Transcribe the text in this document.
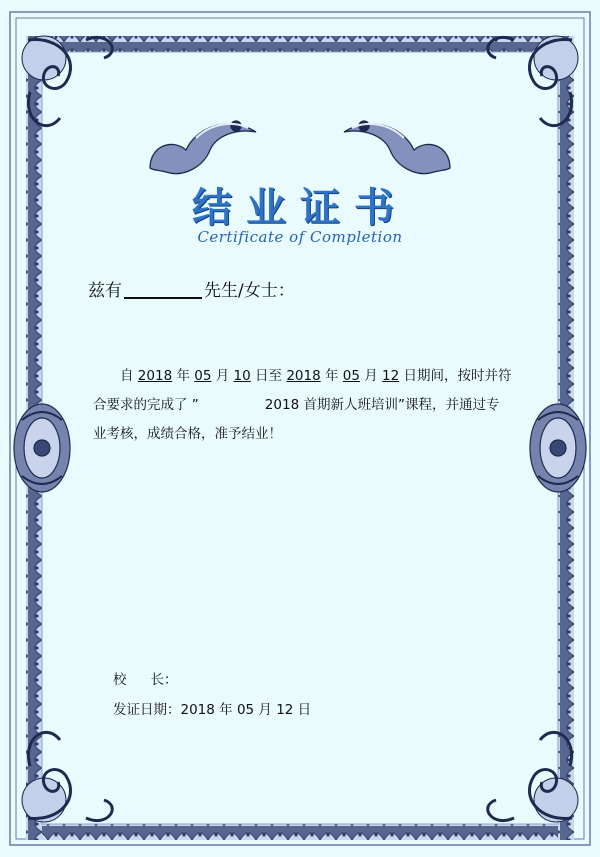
结业证书
Certificate of Completion
兹有	先生/女士：
自 2018 年 05 月 10 日至 2018 年 05 月 12 日期间，按时并符
合要求的完成了 ”	2018 首期新人班培训”课程，并通过专
业考核，成绩合格，准予结业！
校 长：
发证日期：2018 年 05 月 12 日
